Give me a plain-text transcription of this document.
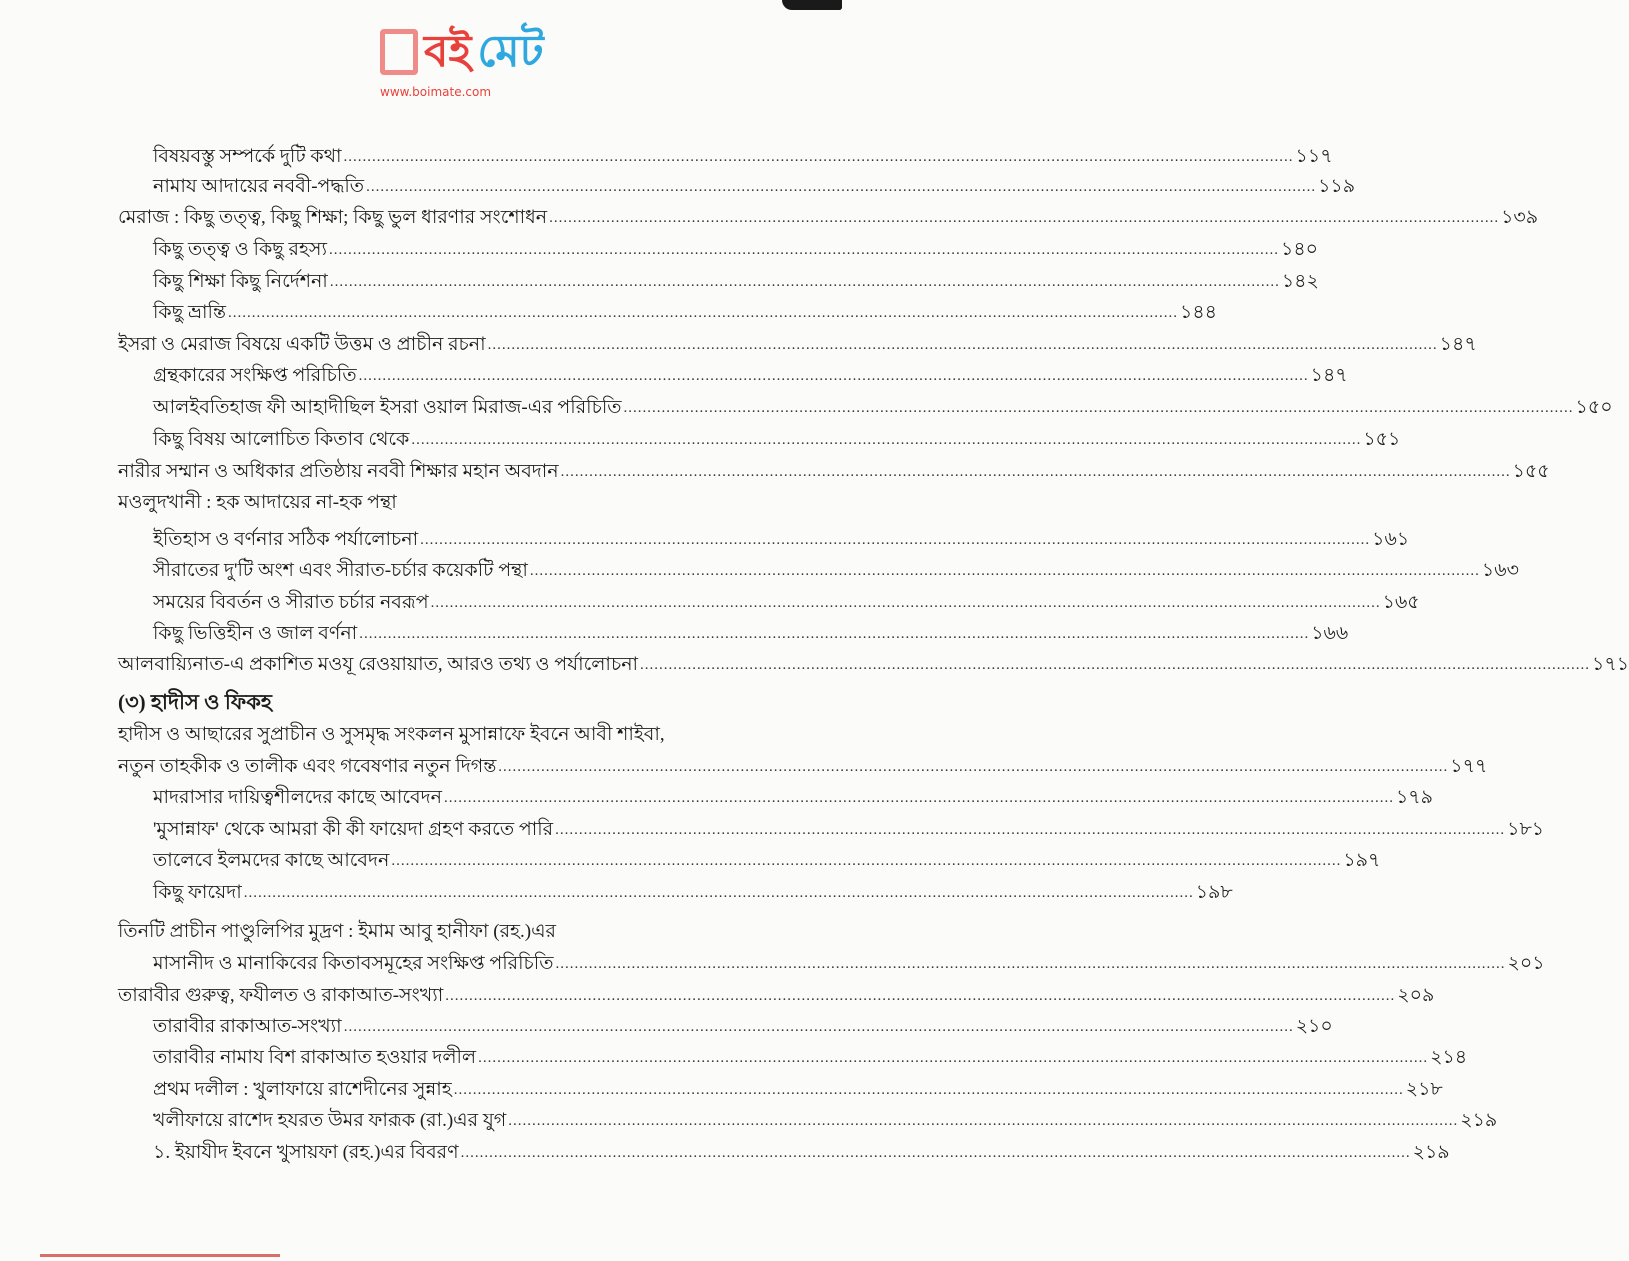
বিষয়বস্তু সম্পর্কে দুটি কথা ........................................................................................................................................................................................................ ১১৭
নামায আদায়ের নববী-পদ্ধতি ........................................................................................................................................................................................................ ১১৯
মেরাজ : কিছু তত্ত্ব, কিছু শিক্ষা; কিছু ভুল ধারণার সংশোধন ........................................................................................................................................................................................................ ১৩৯
কিছু তত্ত্ব ও কিছু রহস্য ........................................................................................................................................................................................................ ১৪০
কিছু শিক্ষা কিছু নির্দেশনা ........................................................................................................................................................................................................ ১৪২
কিছু ভ্রান্তি ........................................................................................................................................................................................................ ১৪৪
ইসরা ও মেরাজ বিষয়ে একটি উত্তম ও প্রাচীন রচনা ........................................................................................................................................................................................................ ১৪৭
গ্রন্থকারের সংক্ষিপ্ত পরিচিতি ........................................................................................................................................................................................................ ১৪৭
আলইবতিহাজ ফী আহাদীছিল ইসরা ওয়াল মিরাজ-এর পরিচিতি ........................................................................................................................................................................................................ ১৫০
কিছু বিষয় আলোচিত কিতাব থেকে ........................................................................................................................................................................................................ ১৫১
নারীর সম্মান ও অধিকার প্রতিষ্ঠায় নববী শিক্ষার মহান অবদান ........................................................................................................................................................................................................ ১৫৫
মওলুদখানী : হক আদায়ের না-হক পন্থা
ইতিহাস ও বর্ণনার সঠিক পর্যালোচনা ........................................................................................................................................................................................................ ১৬১
সীরাতের দু'টি অংশ এবং সীরাত-চর্চার কয়েকটি পন্থা ........................................................................................................................................................................................................ ১৬৩
সময়ের বিবর্তন ও সীরাত চর্চার নবরূপ ........................................................................................................................................................................................................ ১৬৫
কিছু ভিত্তিহীন ও জাল বর্ণনা ........................................................................................................................................................................................................ ১৬৬
আলবায়্যিনাত-এ প্রকাশিত মওযূ রেওয়ায়াত, আরও তথ্য ও পর্যালোচনা ........................................................................................................................................................................................................ ১৭১
(৩) হাদীস ও ফিকহ
হাদীস ও আছারের সুপ্রাচীন ও সুসমৃদ্ধ সংকলন মুসান্নাফে ইবনে আবী শাইবা,
নতুন তাহকীক ও তালীক এবং গবেষণার নতুন দিগন্ত ........................................................................................................................................................................................................ ১৭৭
মাদরাসার দায়িত্বশীলদের কাছে আবেদন ........................................................................................................................................................................................................ ১৭৯
'মুসান্নাফ' থেকে আমরা কী কী ফায়েদা গ্রহণ করতে পারি ........................................................................................................................................................................................................ ১৮১
তালেবে ইলমদের কাছে আবেদন ........................................................................................................................................................................................................ ১৯৭
কিছু ফায়েদা ........................................................................................................................................................................................................ ১৯৮
তিনটি প্রাচীন পাণ্ডুলিপির মুদ্রণ : ইমাম আবু হানীফা (রহ.)এর
মাসানীদ ও মানাকিবের কিতাবসমূহের সংক্ষিপ্ত পরিচিতি ........................................................................................................................................................................................................ ২০১
তারাবীর গুরুত্ব, ফযীলত ও রাকাআত-সংখ্যা ........................................................................................................................................................................................................ ২০৯
তারাবীর রাকাআত-সংখ্যা ........................................................................................................................................................................................................ ২১০
তারাবীর নামায বিশ রাকাআত হওয়ার দলীল ........................................................................................................................................................................................................ ২১৪
প্রথম দলীল : খুলাফায়ে রাশেদীনের সুন্নাহ ........................................................................................................................................................................................................ ২১৮
খলীফায়ে রাশেদ হযরত উমর ফারূক (রা.)এর যুগ ........................................................................................................................................................................................................ ২১৯
১. ইয়াযীদ ইবনে খুসায়ফা (রহ.)এর বিবরণ ........................................................................................................................................................................................................ ২১৯
বই মেট
www.boimate.com
